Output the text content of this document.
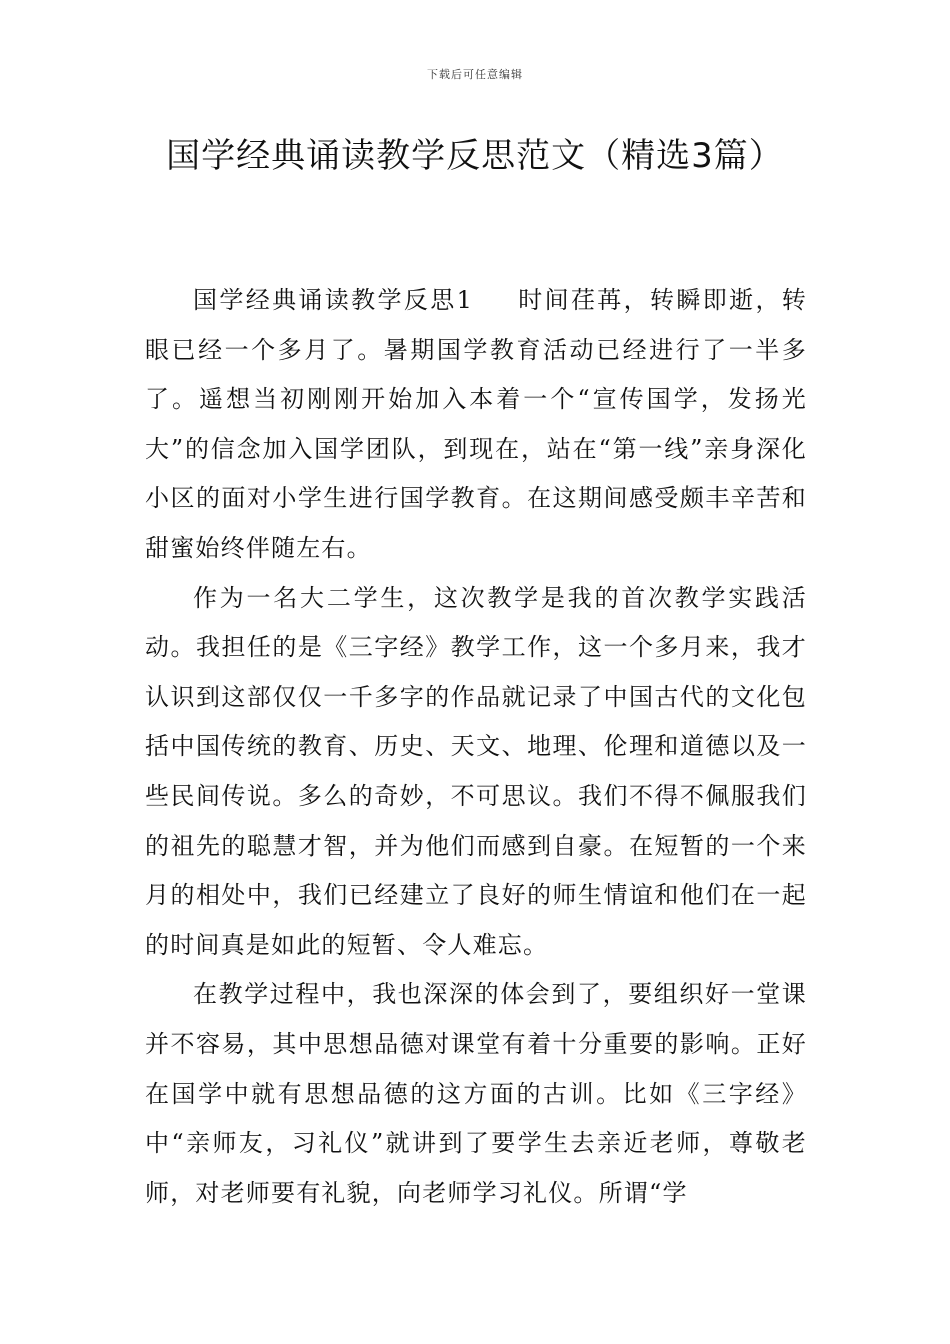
下载后可任意编辑
国学经典诵读教学反思范文（精选3篇）

国学经典诵读教学反思1 时间荏苒，转瞬即逝，转眼已经一个多月了。暑期国学教育活动已经进行了一半多了。遥想当初刚刚开始加入本着一个“宣传国学，发扬光大”的信念加入国学团队，到现在，站在“第一线”亲身深化小区的面对小学生进行国学教育。在这期间感受颇丰辛苦和甜蜜始终伴随左右。

作为一名大二学生，这次教学是我的首次教学实践活动。我担任的是《三字经》教学工作，这一个多月来，我才认识到这部仅仅一千多字的作品就记录了中国古代的文化包括中国传统的教育、历史、天文、地理、伦理和道德以及一些民间传说。多么的奇妙，不可思议。我们不得不佩服我们的祖先的聪慧才智，并为他们而感到自豪。在短暂的一个来月的相处中，我们已经建立了良好的师生情谊和他们在一起的时间真是如此的短暂、令人难忘。

在教学过程中，我也深深的体会到了，要组织好一堂课并不容易，其中思想品德对课堂有着十分重要的影响。正好在国学中就有思想品德的这方面的古训。比如《三字经》中“亲师友，习礼仪”就讲到了要学生去亲近老师，尊敬老师，对老师要有礼貌，向老师学习礼仪。所谓“学
